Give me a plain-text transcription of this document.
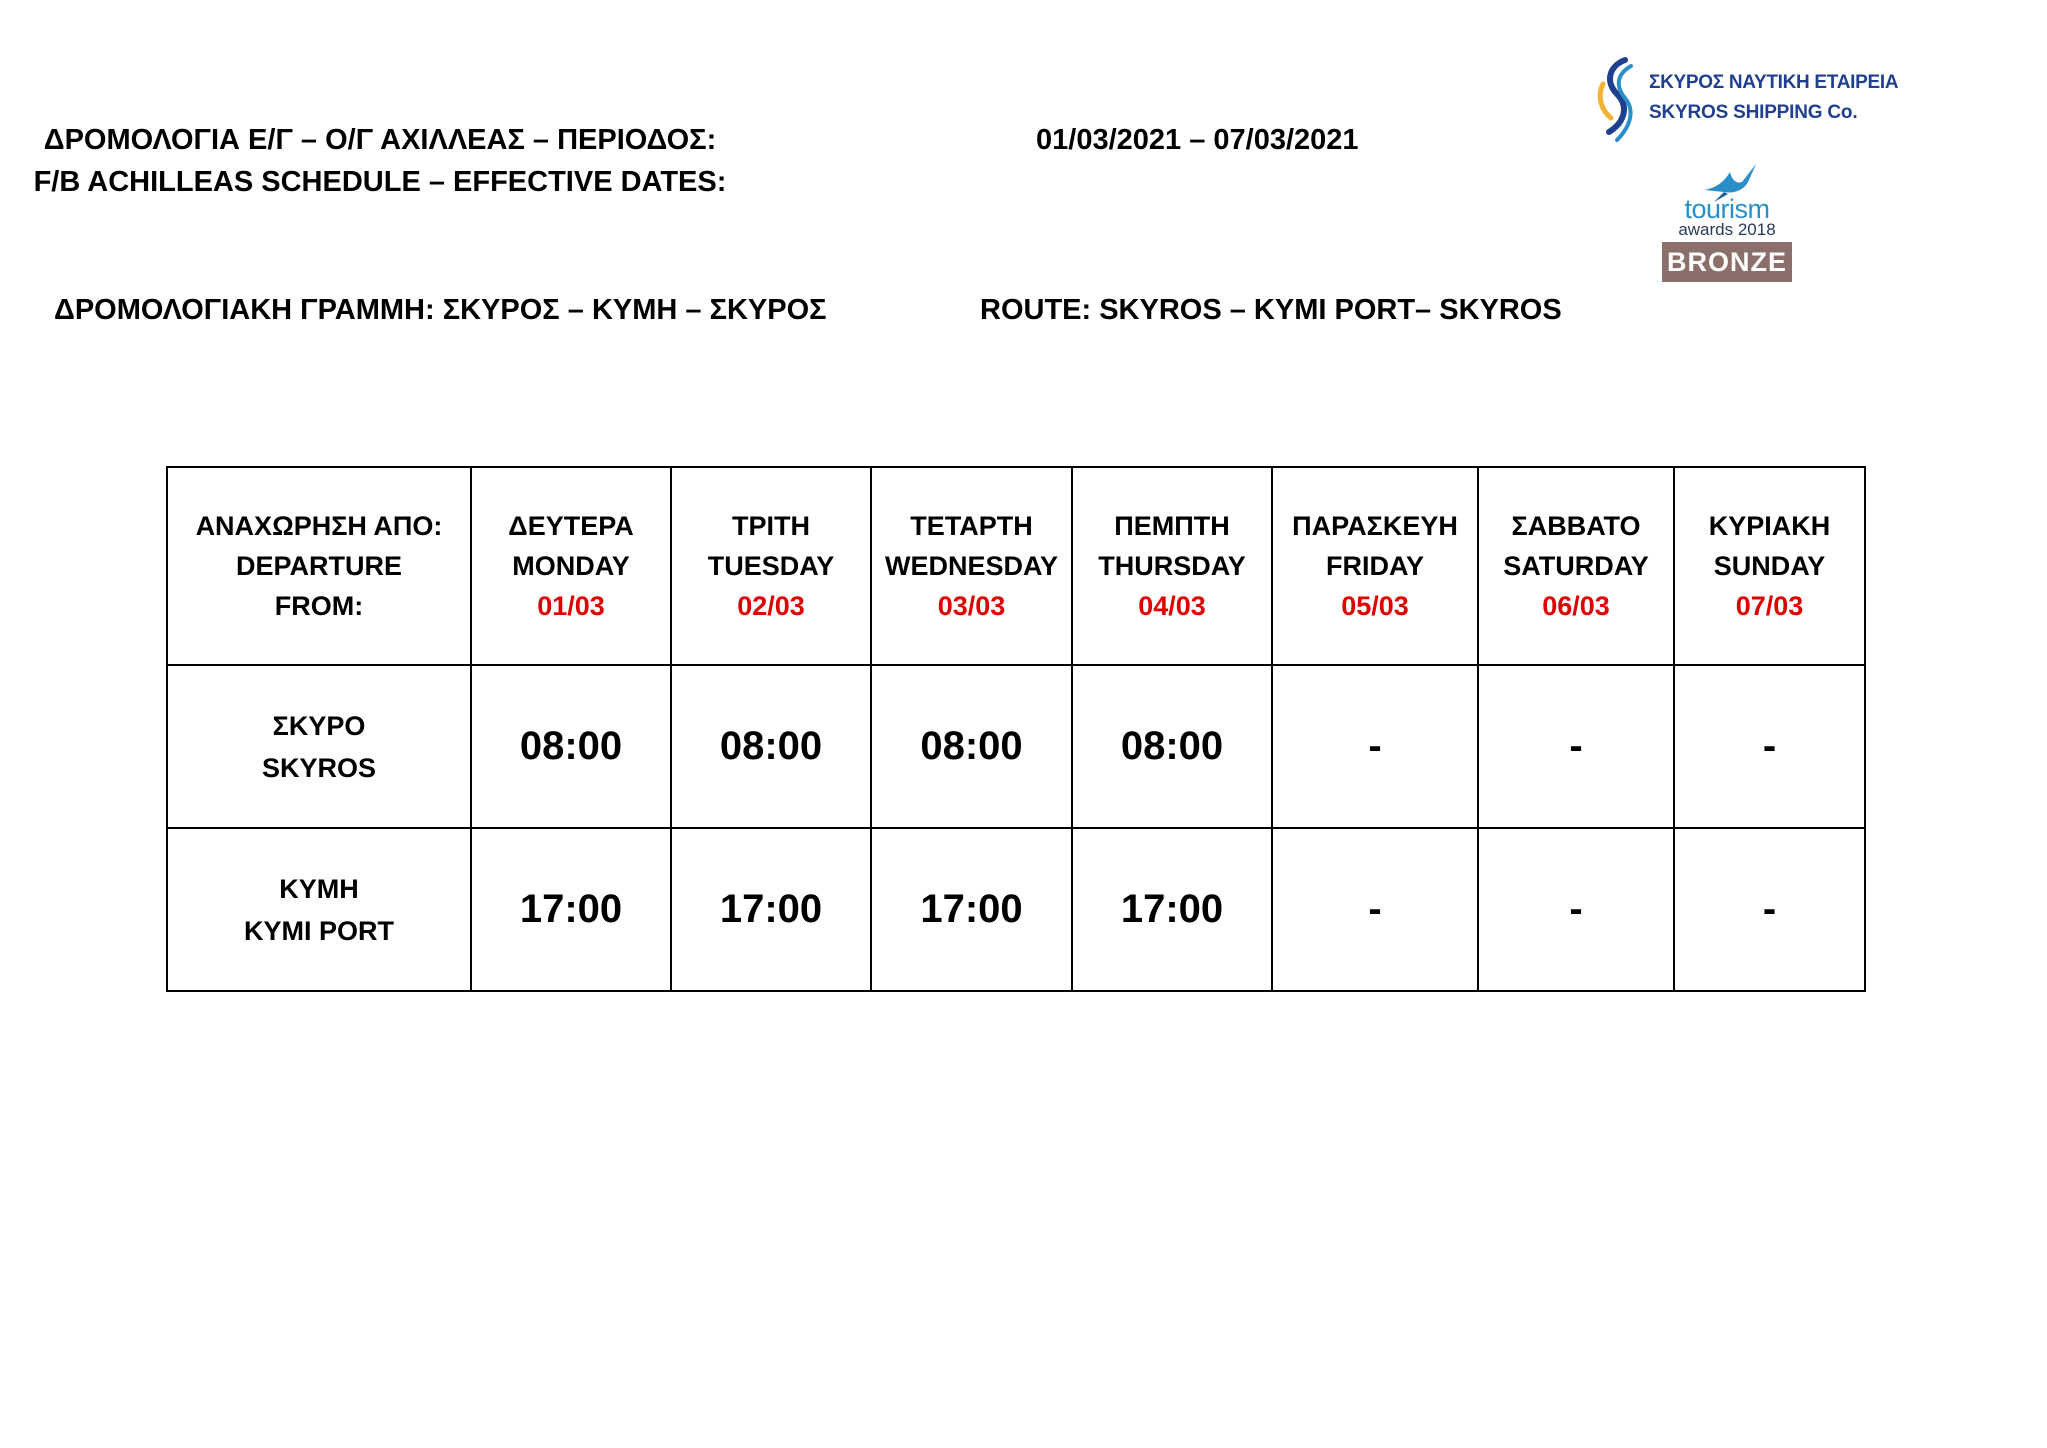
ΔΡΟΜΟΛΟΓΙΑ Ε/Γ – Ο/Γ ΑΧΙΛΛΕΑΣ – ΠΕΡΙΟΔΟΣ:
F/B ACHILLEAS SCHEDULE – EFFECTIVE DATES:
01/03/2021 – 07/03/2021
ΔΡΟΜΟΛΟΓΙΑΚΗ ΓΡΑΜΜΗ: ΣΚΥΡΟΣ – ΚΥΜΗ – ΣΚΥΡΟΣ	ROUTE: SKYROS – KYMI PORT– SKYROS
ΣΚΥΡΟΣ ΝΑΥΤΙΚΗ ΕΤΑΙΡΕΙΑ
SKYROS SHIPPING Co.
tourism
awards 2018
BRONZE
ΑΝΑΧΩΡΗΣΗ ΑΠΟ:
DEPARTURE
FROM:	ΔΕΥΤΕΡΑ
MONDAY
01/03	ΤΡΙΤΗ
TUESDAY
02/03	ΤΕΤΑΡΤΗ
WEDNESDAY
03/03	ΠΕΜΠΤΗ
THURSDAY
04/03	ΠΑΡΑΣΚΕΥΗ
FRIDAY
05/03	ΣΑΒΒΑΤΟ
SATURDAY
06/03	ΚΥΡΙΑΚΗ
SUNDAY
07/03

ΣΚΥΡΟ
SKYROS	08:00	08:00	08:00	08:00	-	-	-

ΚΥΜΗ
KYMI PORT	17:00	17:00	17:00	17:00	-	-	-
